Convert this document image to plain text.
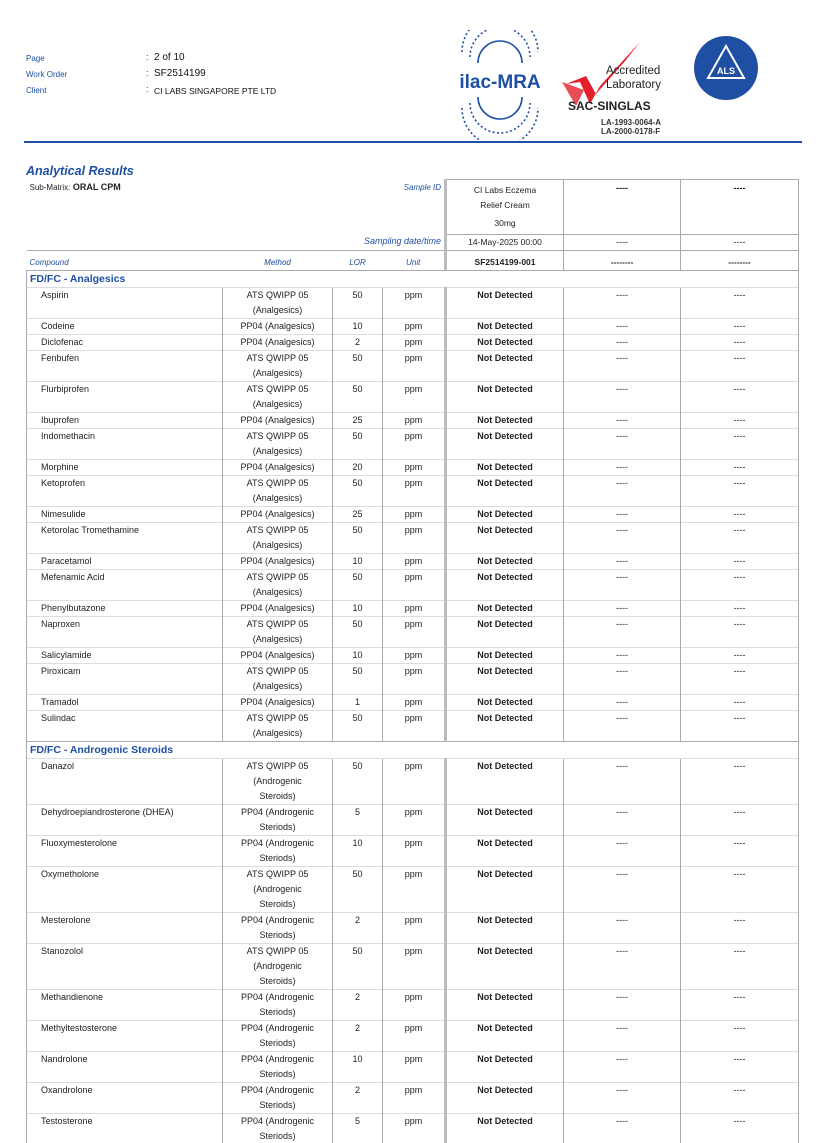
Page	: 2 of 10
Work Order	: SF2514199
Client	: CI LABS SINGAPORE PTE LTD	ilac-MRA
Accredited
Laboratory
SAC-SINGLAS
ALS
LA-1993-0064-A
LA-2000-0178-F
Analytical Results
Sub-Matrix: ORAL CPM		Sample ID		CI Labs Eczema	----	----
				Relief Cream		
				30mg		
		Sampling date/time		14-May-2025 00:00	----	----
Compound	Method	LOR	Unit	SF2514199-001	--------	--------
FD/FC - Analgesics						
Aspirin	ATS QWIPP 05
(Analgesics)	50	ppm	Not Detected	----	----
Codeine	PP04 (Analgesics)	10	ppm	Not Detected	----	----
Diclofenac	PP04 (Analgesics)	2	ppm	Not Detected	----	----
Fenbufen	ATS QWIPP 05
(Analgesics)	50	ppm	Not Detected	----	----
Flurbiprofen	ATS QWIPP 05
(Analgesics)	50	ppm	Not Detected	----	----
Ibuprofen	PP04 (Analgesics)	25	ppm	Not Detected	----	----
Indomethacin	ATS QWIPP 05
(Analgesics)	50	ppm	Not Detected	----	----
Morphine	PP04 (Analgesics)	20	ppm	Not Detected	----	----
Ketoprofen	ATS QWIPP 05
(Analgesics)	50	ppm	Not Detected	----	----
Nimesulide	PP04 (Analgesics)	25	ppm	Not Detected	----	----
Ketorolac Tromethamine	ATS QWIPP 05
(Analgesics)	50	ppm	Not Detected	----	----
Paracetamol	PP04 (Analgesics)	10	ppm	Not Detected	----	----
Mefenamic Acid	ATS QWIPP 05
(Analgesics)	50	ppm	Not Detected	----	----
Phenylbutazone	PP04 (Analgesics)	10	ppm	Not Detected	----	----
Naproxen	ATS QWIPP 05
(Analgesics)	50	ppm	Not Detected	----	----
Salicylamide	PP04 (Analgesics)	10	ppm	Not Detected	----	----
Piroxicam	ATS QWIPP 05
(Analgesics)	50	ppm	Not Detected	----	----
Tramadol	PP04 (Analgesics)	1	ppm	Not Detected	----	----
Sulindac	ATS QWIPP 05
(Analgesics)	50	ppm	Not Detected	----	----
FD/FC - Androgenic Steroids						
Danazol	ATS QWIPP 05
(Androgenic
Steroids)	50	ppm	Not Detected	----	----
Dehydroepiandrosterone (DHEA)	PP04 (Androgenic
Steriods)	5	ppm	Not Detected	----	----
Fluoxymesterolone	PP04 (Androgenic
Steriods)	10	ppm	Not Detected	----	----
Oxymetholone	ATS QWIPP 05
(Androgenic
Steroids)	50	ppm	Not Detected	----	----
Mesterolone	PP04 (Androgenic
Steriods)	2	ppm	Not Detected	----	----
Stanozolol	ATS QWIPP 05
(Androgenic
Steroids)	50	ppm	Not Detected	----	----
Methandienone	PP04 (Androgenic
Steriods)	2	ppm	Not Detected	----	----
Methyltestosterone	PP04 (Androgenic
Steriods)	2	ppm	Not Detected	----	----
Nandrolone	PP04 (Androgenic
Steriods)	10	ppm	Not Detected	----	----
Oxandrolone	PP04 (Androgenic
Steriods)	2	ppm	Not Detected	----	----
Testosterone	PP04 (Androgenic
Steriods)	5	ppm	Not Detected	----	----
